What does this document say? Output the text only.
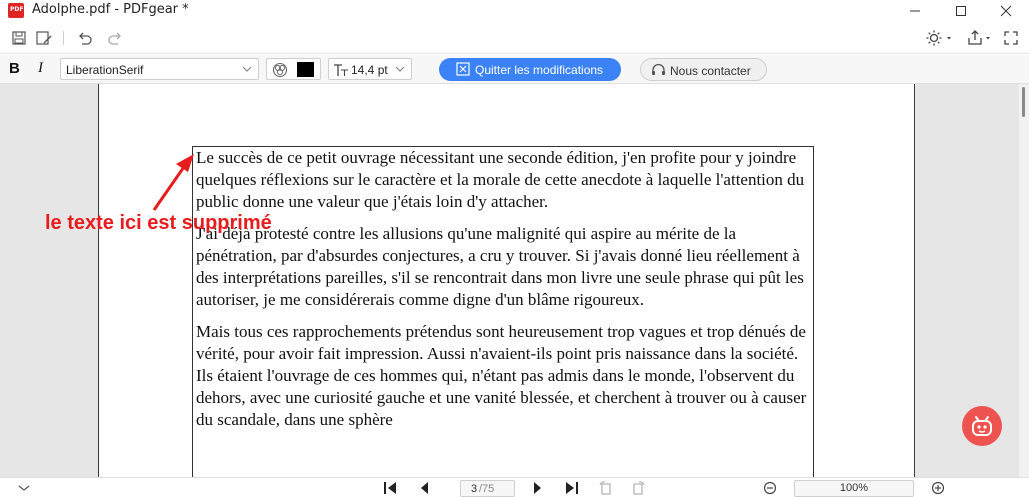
PDF Adolphe.pdf - PDFgear *
B I LiberationSerif	14,4 pt	Quitter les modifications	Nous contacter

Le succès de ce petit ouvrage nécessitant une seconde édition, j'en profite pour y joindre quelques réflexions sur le caractère et la morale de cette anecdote à laquelle l'attention du public donne une valeur que j'étais loin d'y attacher.

J'ai déjà protesté contre les allusions qu'une malignité qui aspire au mérite de la pénétration, par d'absurdes conjectures, a cru y trouver. Si j'avais donné lieu réellement à des interprétations pareilles, s'il se rencontrait dans mon livre une seule phrase qui pût les autoriser, je me considérerais comme digne d'un blâme rigoureux.

Mais tous ces rapprochements prétendus sont heureusement trop vagues et trop dénués de vérité, pour avoir fait impression. Aussi n'avaient-ils point pris naissance dans la société. Ils étaient l'ouvrage de ces hommes qui, n'étant pas admis dans le monde, l'observent du dehors, avec une curiosité gauche et une vanité blessée, et cherchent à trouver ou à causer du scandale, dans une sphère

le texte ici est supprimé
3 /75	100%
